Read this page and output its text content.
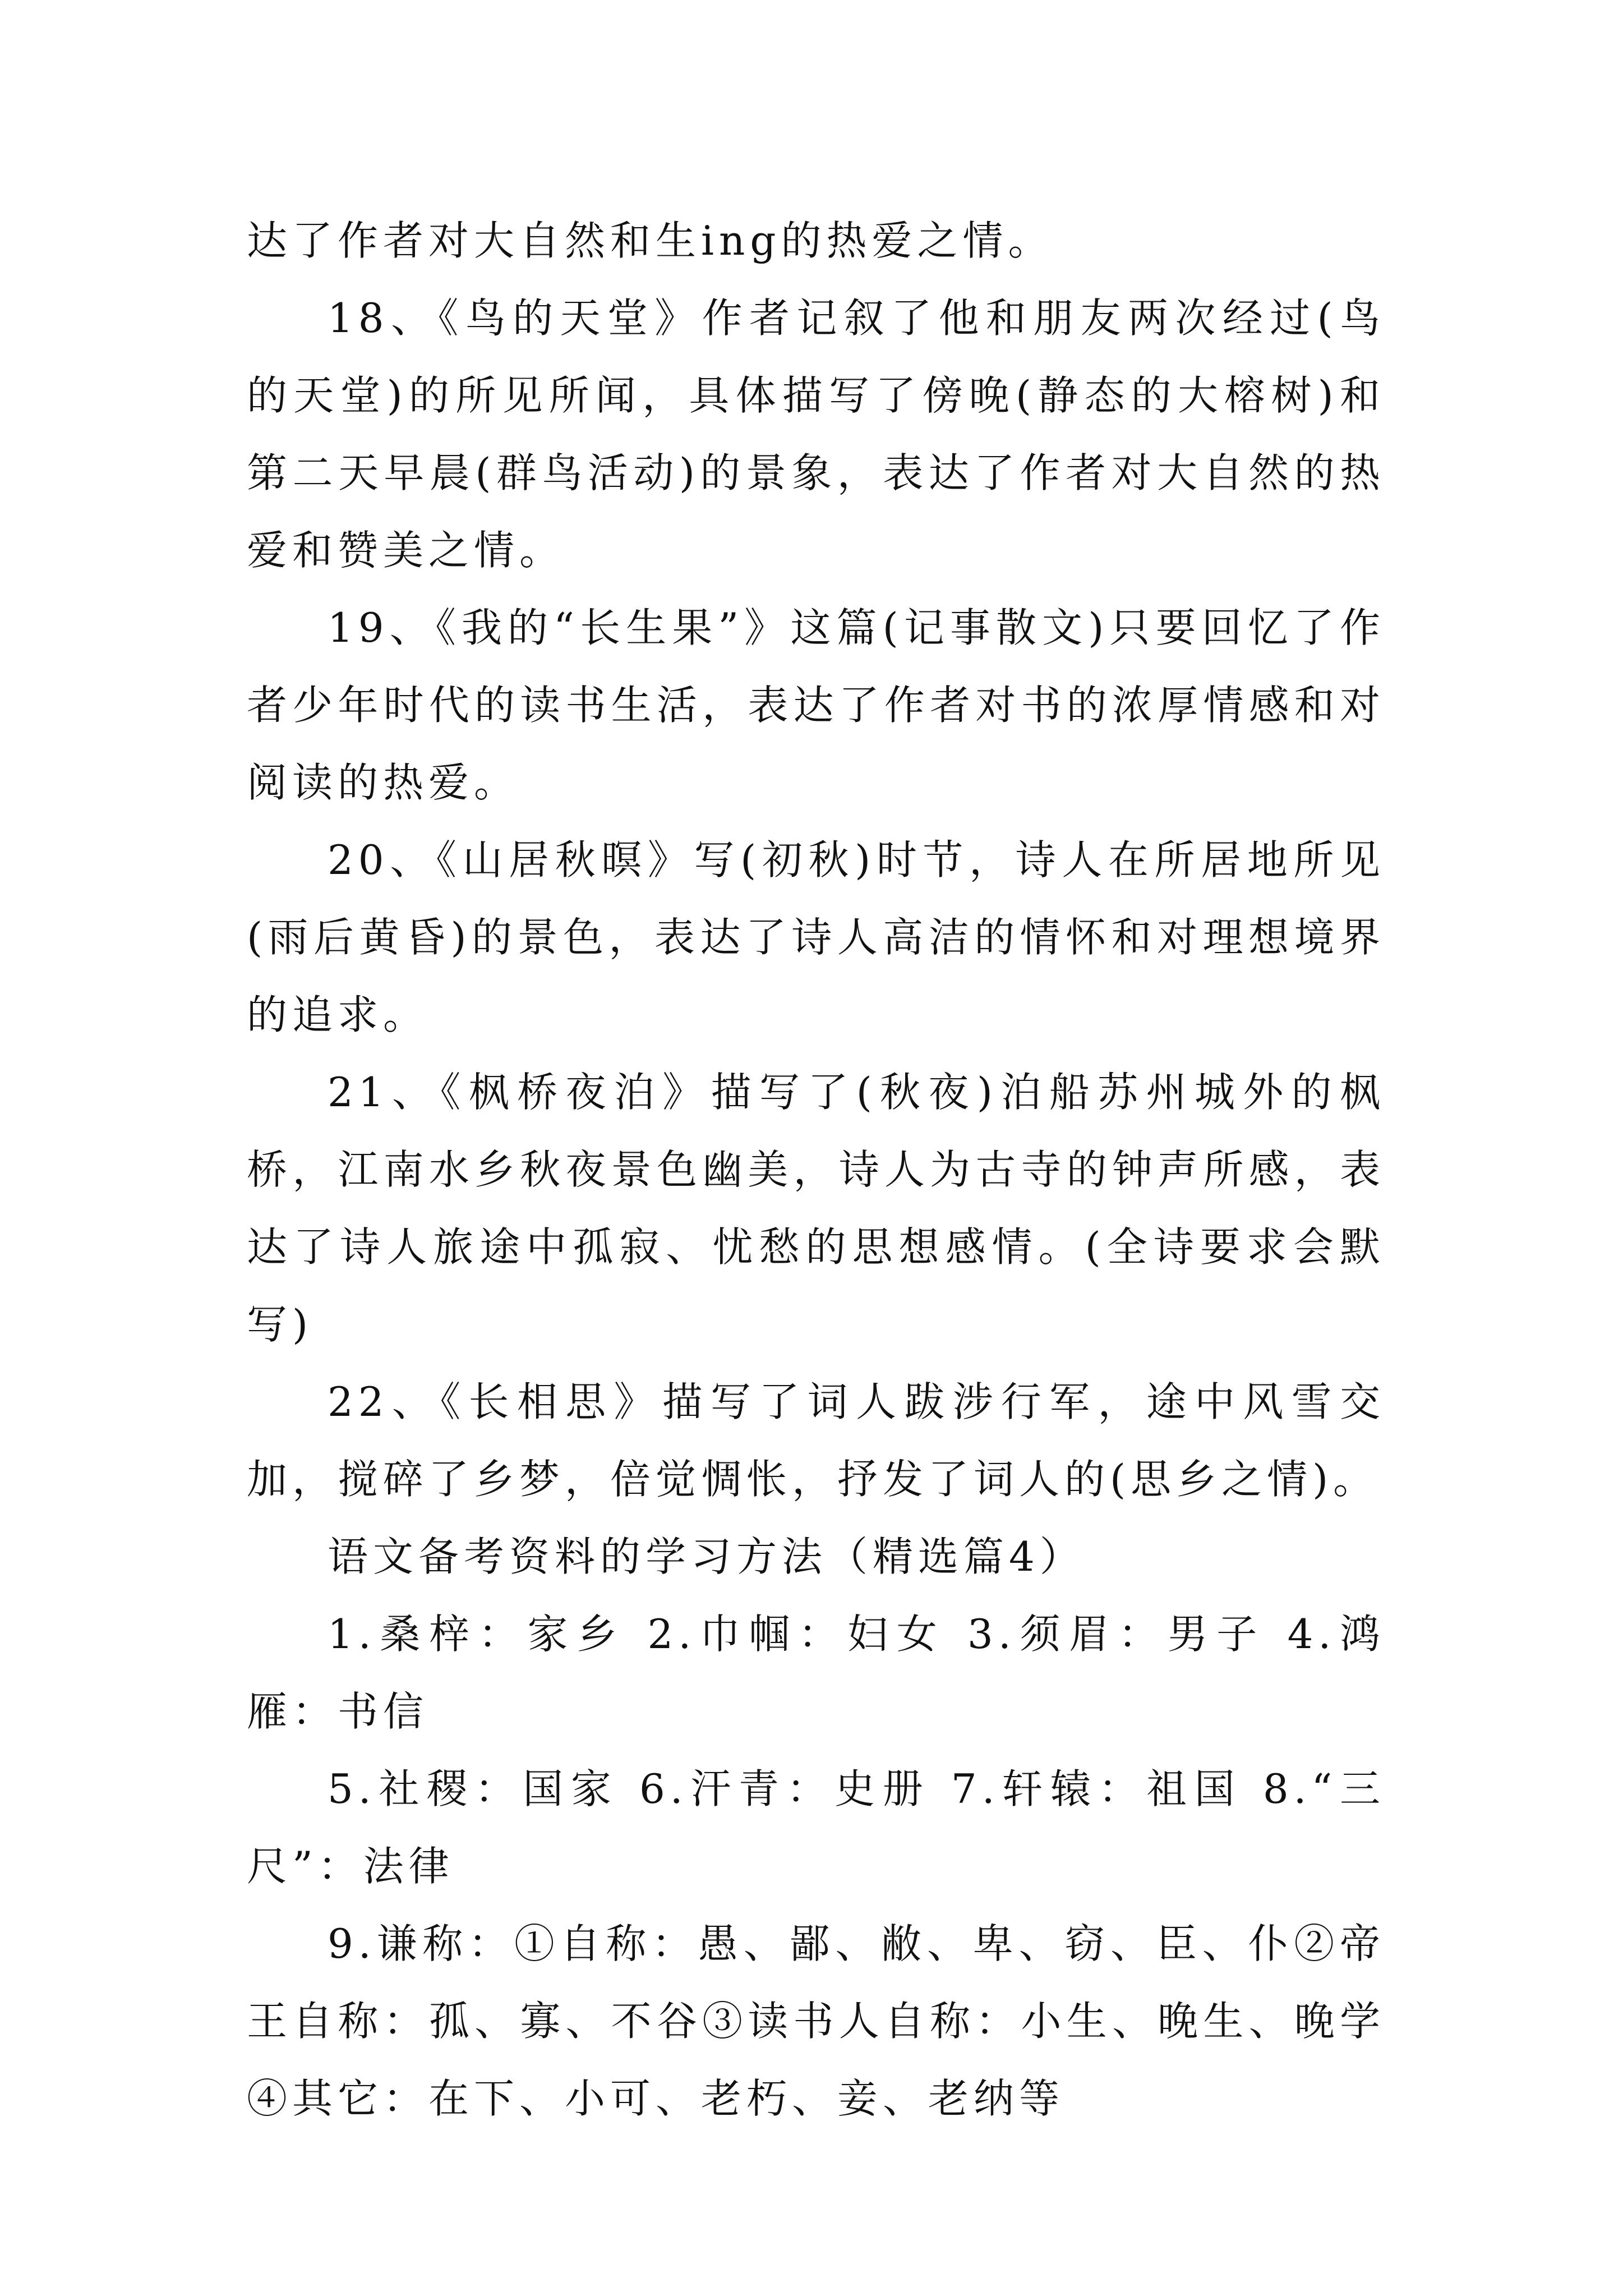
达了作者对大自然和生ing的热爱之情。

18、《鸟的天堂》作者记叙了他和朋友两次经过(鸟的天堂)的所见所闻，具体描写了傍晚(静态的大榕树)和第二天早晨(群鸟活动)的景象，表达了作者对大自然的热爱和赞美之情。

19、《我的“长生果”》这篇(记事散文)只要回忆了作者少年时代的读书生活，表达了作者对书的浓厚情感和对阅读的热爱。

20、《山居秋暝》写(初秋)时节，诗人在所居地所见(雨后黄昏)的景色，表达了诗人高洁的情怀和对理想境界的追求。

21、《枫桥夜泊》描写了(秋夜)泊船苏州城外的枫桥，江南水乡秋夜景色幽美，诗人为古寺的钟声所感，表达了诗人旅途中孤寂、忧愁的思想感情。(全诗要求会默写)

22、《长相思》描写了词人跋涉行军，途中风雪交加，搅碎了乡梦，倍觉惆怅，抒发了词人的(思乡之情)。

语文备考资料的学习方法（精选篇4）

1.桑梓：家乡 2.巾帼：妇女 3.须眉：男子 4.鸿雁：书信

5.社稷：国家 6.汗青：史册 7.轩辕：祖国 8.“三尺”：法律

9.谦称：①自称：愚、鄙、敝、卑、窃、臣、仆②帝王自称：孤、寡、不谷③读书人自称：小生、晚生、晚学④其它：在下、小可、老朽、妾、老纳等
